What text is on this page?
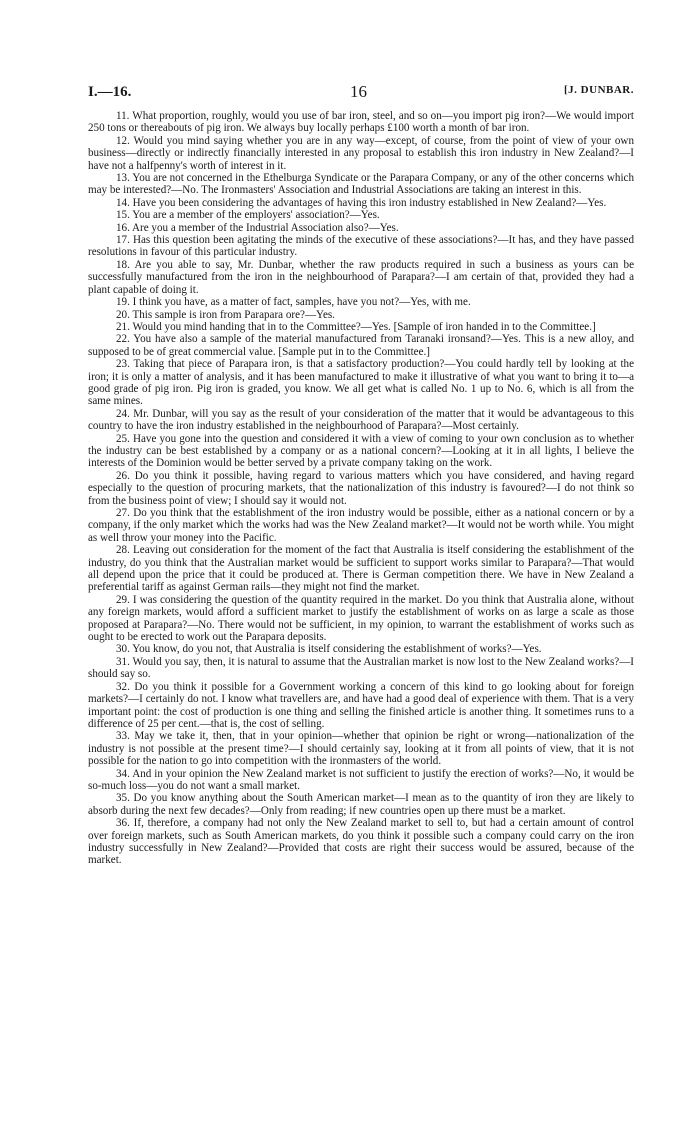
I.—16.	16	[J. DUNBAR.

11. What proportion, roughly, would you use of bar iron, steel, and so on—you import pig iron?—We would import 250 tons or thereabouts of pig iron. We always buy locally perhaps £100 worth a month of bar iron.

12. Would you mind saying whether you are in any way—except, of course, from the point of view of your own business—directly or indirectly financially interested in any proposal to establish this iron industry in New Zealand?—I have not a halfpenny's worth of interest in it.

13. You are not concerned in the Ethelburga Syndicate or the Parapara Company, or any of the other concerns which may be interested?—No. The Ironmasters' Association and Industrial Associations are taking an interest in this.

14. Have you been considering the advantages of having this iron industry established in New Zealand?—Yes.

15. You are a member of the employers' association?—Yes.

16. Are you a member of the Industrial Association also?—Yes.

17. Has this question been agitating the minds of the executive of these associations?—It has, and they have passed resolutions in favour of this particular industry.

18. Are you able to say, Mr. Dunbar, whether the raw products required in such a business as yours can be successfully manufactured from the iron in the neighbourhood of Parapara?—I am certain of that, provided they had a plant capable of doing it.

19. I think you have, as a matter of fact, samples, have you not?—Yes, with me.

20. This sample is iron from Parapara ore?—Yes.

21. Would you mind handing that in to the Committee?—Yes. [Sample of iron handed in to the Committee.]

22. You have also a sample of the material manufactured from Taranaki ironsand?—Yes. This is a new alloy, and supposed to be of great commercial value. [Sample put in to the Committee.]

23. Taking that piece of Parapara iron, is that a satisfactory production?—You could hardly tell by looking at the iron; it is only a matter of analysis, and it has been manufactured to make it illustrative of what you want to bring it to—a good grade of pig iron. Pig iron is graded, you know. We all get what is called No. 1 up to No. 6, which is all from the same mines.

24. Mr. Dunbar, will you say as the result of your consideration of the matter that it would be advantageous to this country to have the iron industry established in the neighbourhood of Parapara?—Most certainly.

25. Have you gone into the question and considered it with a view of coming to your own conclusion as to whether the industry can be best established by a company or as a national concern?—Looking at it in all lights, I believe the interests of the Dominion would be better served by a private company taking on the work.

26. Do you think it possible, having regard to various matters which you have considered, and having regard especially to the question of procuring markets, that the nationalization of this industry is favoured?—I do not think so from the business point of view; I should say it would not.

27. Do you think that the establishment of the iron industry would be possible, either as a national concern or by a company, if the only market which the works had was the New Zealand market?—It would not be worth while. You might as well throw your money into the Pacific.

28. Leaving out consideration for the moment of the fact that Australia is itself considering the establishment of the industry, do you think that the Australian market would be sufficient to support works similar to Parapara?—That would all depend upon the price that it could be produced at. There is German competition there. We have in New Zealand a preferential tariff as against German rails—they might not find the market.

29. I was considering the question of the quantity required in the market. Do you think that Australia alone, without any foreign markets, would afford a sufficient market to justify the establishment of works on as large a scale as those proposed at Parapara?—No. There would not be sufficient, in my opinion, to warrant the establishment of works such as ought to be erected to work out the Parapara deposits.

30. You know, do you not, that Australia is itself considering the establishment of works?—Yes.

31. Would you say, then, it is natural to assume that the Australian market is now lost to the New Zealand works?—I should say so.

32. Do you think it possible for a Government working a concern of this kind to go looking about for foreign markets?—I certainly do not. I know what travellers are, and have had a good deal of experience with them. That is a very important point: the cost of production is one thing and selling the finished article is another thing. It sometimes runs to a difference of 25 per cent.—that is, the cost of selling.

33. May we take it, then, that in your opinion—whether that opinion be right or wrong—nationalization of the industry is not possible at the present time?—I should certainly say, looking at it from all points of view, that it is not possible for the nation to go into competition with the ironmasters of the world.

34. And in your opinion the New Zealand market is not sufficient to justify the erection of works?—No, it would be so-much loss—you do not want a small market.

35. Do you know anything about the South American market—I mean as to the quantity of iron they are likely to absorb during the next few decades?—Only from reading; if new countries open up there must be a market.

36. If, therefore, a company had not only the New Zealand market to sell to, but had a certain amount of control over foreign markets, such as South American markets, do you think it possible such a company could carry on the iron industry successfully in New Zealand?—Provided that costs are right their success would be assured, because of the market.
